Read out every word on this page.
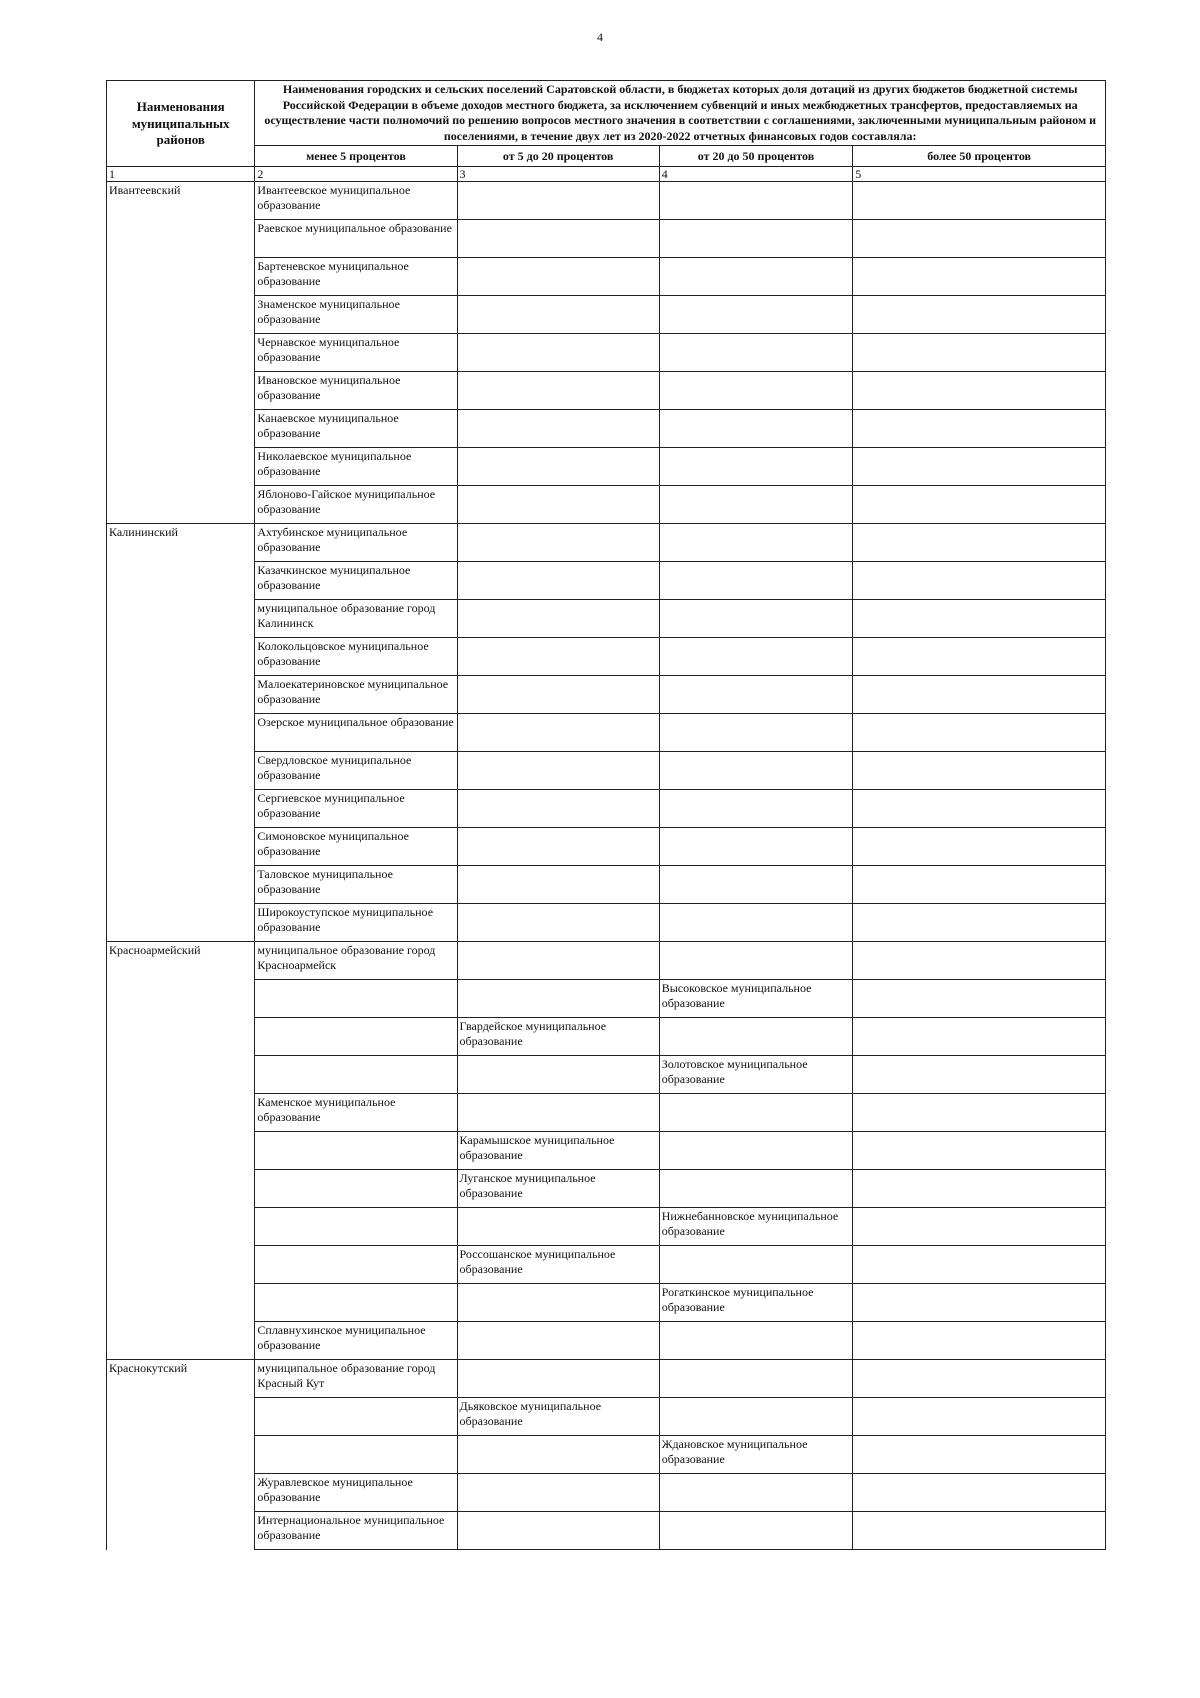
4
Наименования муниципальных районов	Наименования городских и сельских поселений Саратовской области, в бюджетах которых доля дотаций из других бюджетов бюджетной системы Российской Федерации в объеме доходов местного бюджета, за исключением субвенций и иных межбюджетных трансфертов, предоставляемых на осуществление части полномочий по решению вопросов местного значения в соответствии с соглашениями, заключенными муниципальным районом и поселениями, в течение двух лет из 2020-2022 отчетных финансовых годов составляла:			
	менее 5 процентов	от 5 до 20 процентов	от 20 до 50 процентов	более 50 процентов
1	2	3	4	5
Ивантеевский	Ивантеевское муниципальное образование			
	Раевское муниципальное образование			
	Бартеневское муниципальное образование			
	Знаменское муниципальное образование			
	Чернавское муниципальное образование			
	Ивановское муниципальное образование			
	Канаевское муниципальное образование			
	Николаевское муниципальное образование			
	Яблоново-Гайское муниципальное образование			
Калининский	Ахтубинское муниципальное образование			
	Казачкинское муниципальное образование			
	муниципальное образование город Калининск			
	Колокольцовское муниципальное образование			
	Малоекатериновское муниципальное образование			
	Озерское муниципальное образование			
	Свердловское муниципальное образование			
	Сергиевское муниципальное образование			
	Симоновское муниципальное образование			
	Таловское муниципальное образование			
	Широкоуступское муниципальное образование			
Красноармейский	муниципальное образование город Красноармейск			
			Высоковское муниципальное образование	
		Гвардейское муниципальное образование		
			Золотовское муниципальное образование	
	Каменское муниципальное образование			
		Карамышское муниципальное образование		
		Луганское муниципальное образование		
			Нижнебанновское муниципальное образование	
		Россошанское муниципальное образование		
			Рогаткинское муниципальное образование	
	Сплавнухинское муниципальное образование			
Краснокутский	муниципальное образование город Красный Кут			
		Дьяковское муниципальное образование		
			Ждановское муниципальное образование	
	Журавлевское муниципальное образование			
	Интернациональное муниципальное образование			
